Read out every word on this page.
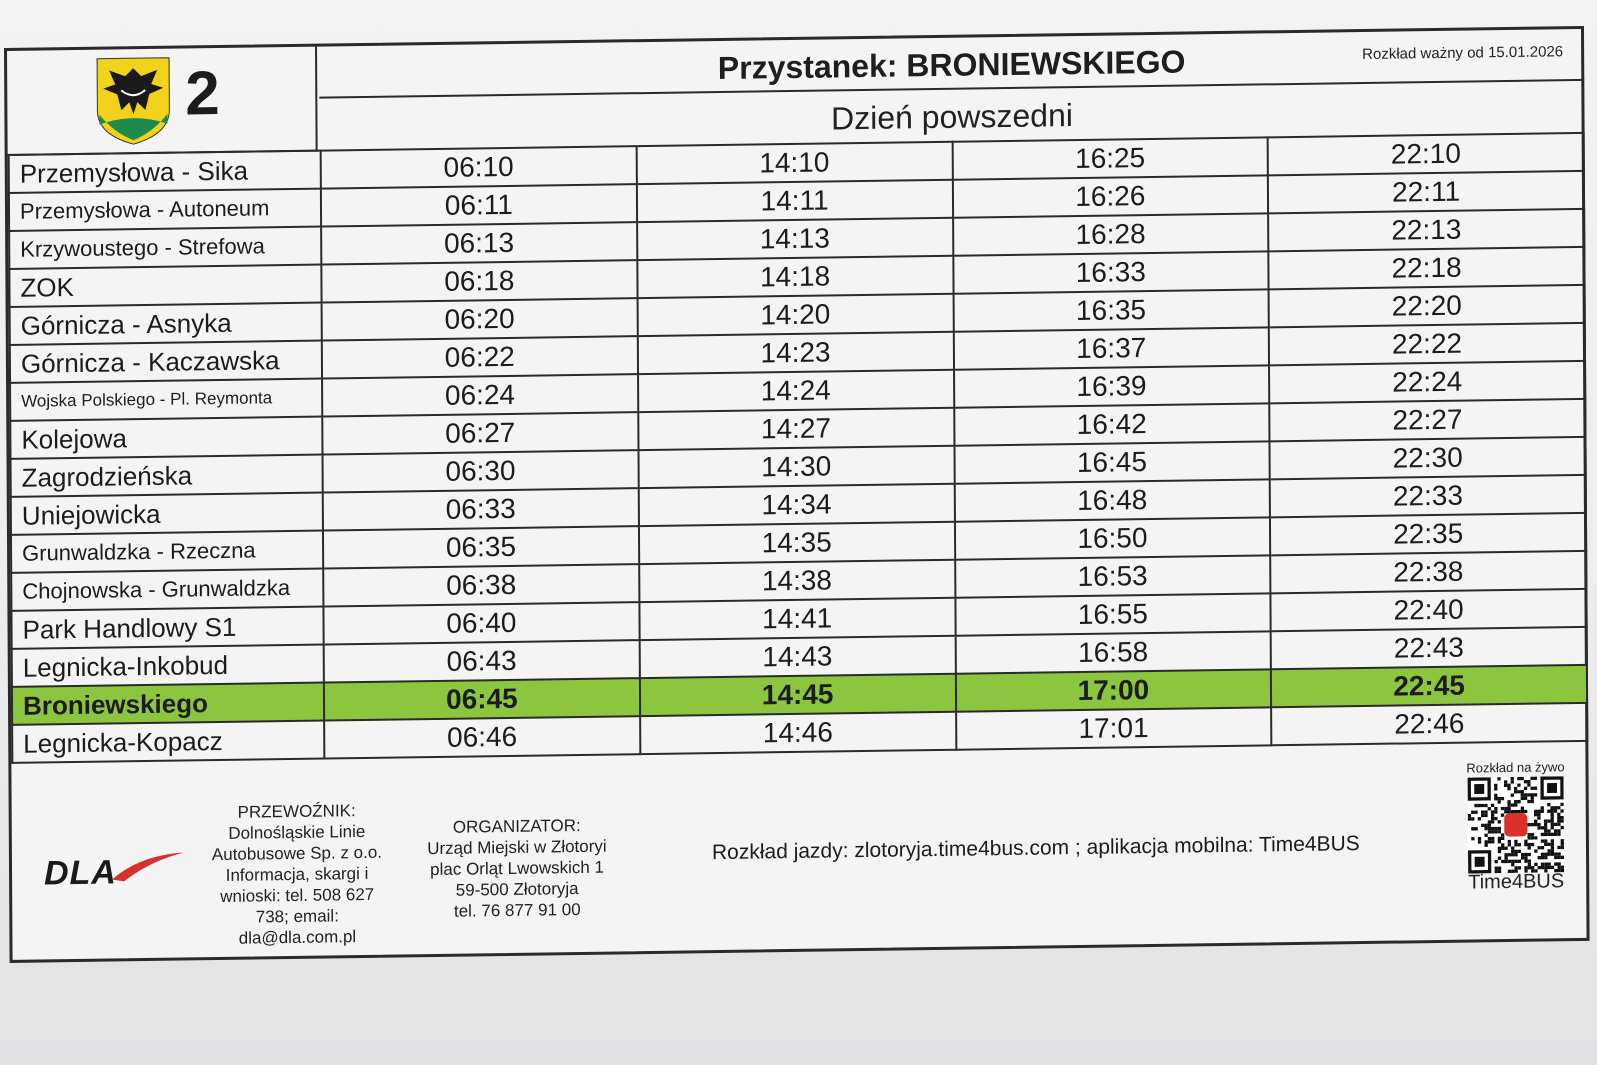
2	Przystanek: BRONIEWSKIEGO	Rozkład ważny od 15.01.2026
Dzień powszedni
Przemysłowa - Sika	06:10	14:10	16:25	22:10
Przemysłowa - Autoneum	06:11	14:11	16:26	22:11
Krzywoustego - Strefowa	06:13	14:13	16:28	22:13
ZOK	06:18	14:18	16:33	22:18
Górnicza - Asnyka	06:20	14:20	16:35	22:20
Górnicza - Kaczawska	06:22	14:23	16:37	22:22
Wojska Polskiego - Pl. Reymonta	06:24	14:24	16:39	22:24
Kolejowa	06:27	14:27	16:42	22:27
Zagrodzieńska	06:30	14:30	16:45	22:30
Uniejowicka	06:33	14:34	16:48	22:33
Grunwaldzka - Rzeczna	06:35	14:35	16:50	22:35
Chojnowska - Grunwaldzka	06:38	14:38	16:53	22:38
Park Handlowy S1	06:40	14:41	16:55	22:40
Legnicka-Inkobud	06:43	14:43	16:58	22:43
Broniewskiego	06:45	14:45	17:00	22:45
Legnicka-Kopacz	06:46	14:46	17:01	22:46
DLA
PRZEWOŹNIK:
Dolnośląskie Linie
Autobusowe Sp. z o.o.
Informacja, skargi i
wnioski: tel. 508 627
738; email:
dla@dla.com.pl
ORGANIZATOR:
Urząd Miejski w Złotoryi
plac Orląt Lwowskich 1
59-500 Złotoryja
tel. 76 877 91 00
Rozkład jazdy: zlotoryja.time4bus.com ; aplikacja mobilna: Time4BUS
Rozkład na żywo
Time4BUS
